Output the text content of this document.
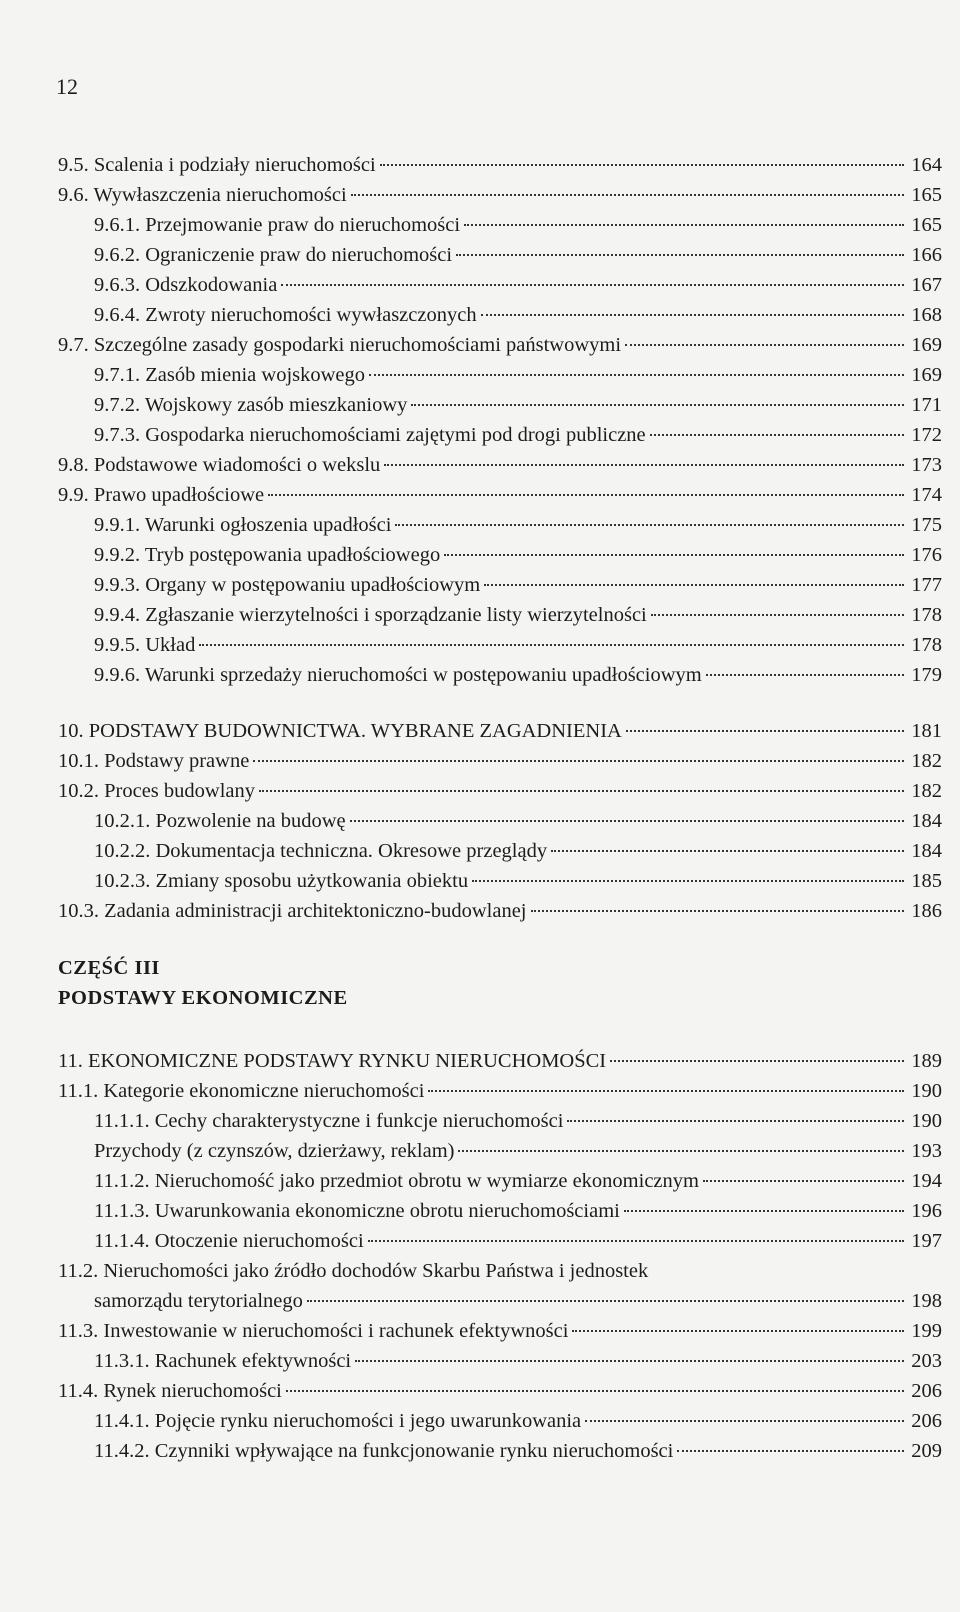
12
9.5. Scalenia i podziały nieruchomości	164
9.6. Wywłaszczenia nieruchomości	165
9.6.1. Przejmowanie praw do nieruchomości	165
9.6.2. Ograniczenie praw do nieruchomości	166
9.6.3. Odszkodowania	167
9.6.4. Zwroty nieruchomości wywłaszczonych	168
9.7. Szczególne zasady gospodarki nieruchomościami państwowymi	169
9.7.1. Zasób mienia wojskowego	169
9.7.2. Wojskowy zasób mieszkaniowy	171
9.7.3. Gospodarka nieruchomościami zajętymi pod drogi publiczne	172
9.8. Podstawowe wiadomości o wekslu	173
9.9. Prawo upadłościowe	174
9.9.1. Warunki ogłoszenia upadłości	175
9.9.2. Tryb postępowania upadłościowego	176
9.9.3. Organy w postępowaniu upadłościowym	177
9.9.4. Zgłaszanie wierzytelności i sporządzanie listy wierzytelności	178
9.9.5. Układ	178
9.9.6. Warunki sprzedaży nieruchomości w postępowaniu upadłościowym	179
10. PODSTAWY BUDOWNICTWA. WYBRANE ZAGADNIENIA	181
10.1. Podstawy prawne	182
10.2. Proces budowlany	182
10.2.1. Pozwolenie na budowę	184
10.2.2. Dokumentacja techniczna. Okresowe przeglądy	184
10.2.3. Zmiany sposobu użytkowania obiektu	185
10.3. Zadania administracji architektoniczno-budowlanej	186
11. EKONOMICZNE PODSTAWY RYNKU NIERUCHOMOŚCI	189
11.1. Kategorie ekonomiczne nieruchomości	190
11.1.1. Cechy charakterystyczne i funkcje nieruchomości	190
Przychody (z czynszów, dzierżawy, reklam)	193
11.1.2. Nieruchomość jako przedmiot obrotu w wymiarze ekonomicznym	194
11.1.3. Uwarunkowania ekonomiczne obrotu nieruchomościami	196
11.1.4. Otoczenie nieruchomości	197
11.2. Nieruchomości jako źródło dochodów Skarbu Państwa i jednostek
samorządu terytorialnego	198
11.3. Inwestowanie w nieruchomości i rachunek efektywności	199
11.3.1. Rachunek efektywności	203
11.4. Rynek nieruchomości	206
11.4.1. Pojęcie rynku nieruchomości i jego uwarunkowania	206
11.4.2. Czynniki wpływające na funkcjonowanie rynku nieruchomości	209
CZĘŚĆ III
PODSTAWY EKONOMICZNE
